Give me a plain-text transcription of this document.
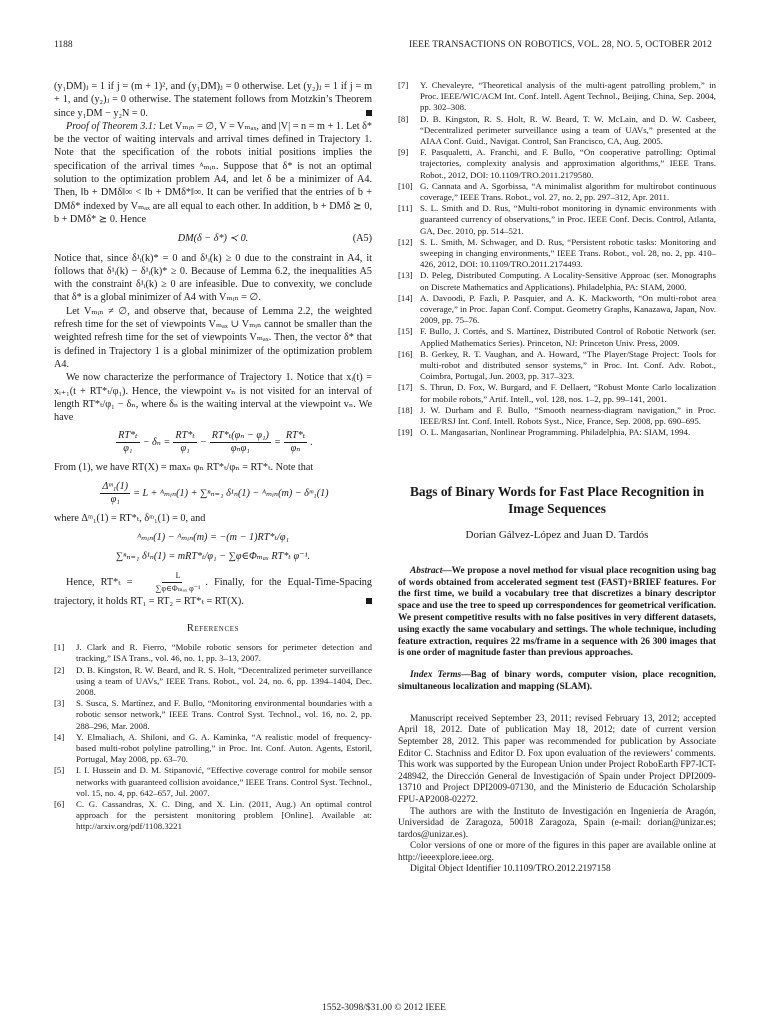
1188	IEEE TRANSACTIONS ON ROBOTICS, VOL. 28, NO. 5, OCTOBER 2012

(y₁DM)ⱼ = 1 if j = (m + 1)², and (y₁DM)ⱼ = 0 otherwise. Let (y₂)ⱼ = 1 if j = m + 1, and (y₂)ⱼ = 0 otherwise. The statement follows from Motzkin’s Theorem since y₁DM − y₂N = 0.

Proof of Theorem 3.1: Let Vₘᵢₙ = ∅, V = Vₘₐₓ, and |V| = n = m + 1. Let δ* be the vector of waiting intervals and arrival times defined in Trajectory 1. Note that the specification of the robots initial positions implies the specification of the arrival times ᴬₘᵢₙ. Suppose that δ* is not an optimal solution to the optimization problem A4, and let δ be a minimizer of A4. Then, ‖b + DMδ‖∞ < ‖b + DMδ*‖∞. It can be verified that the entries of b + DMδ* indexed by Vₘₐₓ are all equal to each other. In addition, b + DMδ ⪰ 0, b + DMδ* ⪰ 0. Hence

DM(δ − δ*) ≺ 0.	(A5)

Notice that, since δ¹ᵢ(k)* = 0 and δ¹ᵢ(k) ≥ 0 due to the constraint in A4, it follows that δ¹ᵢ(k) − δ¹ᵢ(k)* ≥ 0. Because of Lemma 6.2, the inequalities A5 with the constraint δ¹ᵢ(k) ≥ 0 are infeasible. Due to convexity, we conclude that δ* is a global minimizer of A4 with Vₘᵢₙ = ∅.

Let Vₘᵢₙ ≠ ∅, and observe that, because of Lemma 2.2, the weighted refresh time for the set of viewpoints Vₘₐₓ ∪ Vₘᵢₙ cannot be smaller than the weighted refresh time for the set of viewpoints Vₘₐₓ. Then, the vector δ* that is defined in Trajectory 1 is a global minimizer of the optimization problem A4.

We now characterize the performance of Trajectory 1. Notice that xᵢ(t) = xᵢ₊₁(t + RT*ₜ/φ₁). Hence, the viewpoint vₙ is not visited for an interval of length RT*ₜ/φ₁ − δₙ, where δₙ is the waiting interval at the viewpoint vₙ. We have

$\frac{\text{RT*ₜ}}{\text{φ₁}} - \delta_n = \frac{\text{RT*ₜ}}{\text{φ₁}} - \frac{\text{RT*ₜ(φₙ − φ₁)}}{\text{φₙφ₁}} = \frac{\text{RT*ₜ}}{\text{φₙ}}$ .

From (1), we have RT(X) = maxₙ φₙ RT*ₜ/φₙ = RT*ₜ. Note that

$\frac{\text{Δᵐ₁(1)}}{\text{φ₁}} = L$ + ᴬₘᵢₙ(1) + ∑ⁿₙ₌₁ δ¹ₙ(1) − ᴬₘᵢₙ(m) − δᵐ₁(1)

where Δᵐ₁(1) = RT*ₜ, δᵐ₁(1) = 0, and

ᴬₘᵢₙ(1) − ᴬₘᵢₙ(m) = −(m − 1)RT*ₜ/φ₁
∑ⁿₙ₌₁ δ¹ₙ(1) = mRT*ₜ/φ₁ − ∑φ∈Φₘₐₓ RT*ₜ φ⁻¹.

Hence, $RT*_t = \frac{L}{\text{∑φ∈Φₘₐₓ φ⁻¹}}$ . Finally, for the Equal-Time-Spacing trajectory, it holds RT₁ = RT₂ = RT*ₜ = RT(X).

References
[1]	J. Clark and R. Fierro, “Mobile robotic sensors for perimeter detection and tracking,” ISA Trans., vol. 46, no. 1, pp. 3–13, 2007.
[2]	D. B. Kingston, R. W. Beard, and R. S. Holt, “Decentralized perimeter surveillance using a team of UAVs,” IEEE Trans. Robot., vol. 24, no. 6, pp. 1394–1404, Dec. 2008.
[3]	S. Susca, S. Martínez, and F. Bullo, “Monitoring environmental boundaries with a robotic sensor network,” IEEE Trans. Control Syst. Technol., vol. 16, no. 2, pp. 288–296, Mar. 2008.
[4]	Y. Elmaliach, A. Shiloni, and G. A. Kaminka, “A realistic model of frequency-based multi-robot polyline patrolling,” in Proc. Int. Conf. Auton. Agents, Estoril, Portugal, May 2008, pp. 63–70.
[5]	I. I. Hussein and D. M. Stipanović, “Effective coverage control for mobile sensor networks with guaranteed collision avoidance,” IEEE Trans. Control Syst. Technol., vol. 15, no. 4, pp. 642–657, Jul. 2007.
[6]	C. G. Cassandras, X. C. Ding, and X. Lin. (2011, Aug.) An optimal control approach for the persistent monitoring problem [Online]. Available at: http://arxiv.org/pdf/1108.3221
[7]	Y. Chevaleyre, “Theoretical analysis of the multi-agent patrolling problem,” in Proc. IEEE/WIC/ACM Int. Conf. Intell. Agent Technol., Beijing, China, Sep. 2004, pp. 302–308.
[8]	D. B. Kingston, R. S. Holt, R. W. Beard, T. W. McLain, and D. W. Casbeer, “Decentralized perimeter surveillance using a team of UAVs,” presented at the AIAA Conf. Guid., Navigat. Control, San Francisco, CA, Aug. 2005.
[9]	F. Pasqualetti, A. Franchi, and F. Bullo, “On cooperative patrolling: Optimal trajectories, complexity analysis and approximation algorithms,” IEEE Trans. Robot., 2012, DOI: 10.1109/TRO.2011.2179580.
[10] G. Cannata and A. Sgorbissa, “A minimalist algorithm for multirobot continuous coverage,” IEEE Trans. Robot., vol. 27, no. 2, pp. 297–312, Apr. 2011.
[11] S. L. Smith and D. Rus, “Multi-robot monitoring in dynamic environments with guaranteed currency of observations,” in Proc. IEEE Conf. Decis. Control, Atlanta, GA, Dec. 2010, pp. 514–521.
[12] S. L. Smith, M. Schwager, and D. Rus, “Persistent robotic tasks: Monitoring and sweeping in changing environments,” IEEE Trans. Robot., vol. 28, no. 2, pp. 410–426, 2012, DOI: 10.1109/TRO.2011.2174493.
[13] D. Peleg, Distributed Computing. A Locality-Sensitive Approac (ser. Monographs on Discrete Mathematics and Applications). Philadelphia, PA: SIAM, 2000.
[14] A. Davoodi, P. Fazli, P. Pasquier, and A. K. Mackworth, “On multi-robot area coverage,” in Proc. Japan Conf. Comput. Geometry Graphs, Kanazawa, Japan, Nov. 2009, pp. 75–76.
[15] F. Bullo, J. Cortés, and S. Martínez, Distributed Control of Robotic Network (ser. Applied Mathematics Series). Princeton, NJ: Princeton Univ. Press, 2009.
[16] B. Gerkey, R. T. Vaughan, and A. Howard, “The Player/Stage Project: Tools for multi-robot and distributed sensor systems,” in Proc. Int. Conf. Adv. Robot., Coimbra, Portugal, Jun. 2003, pp. 317–323.
[17] S. Thrun, D. Fox, W. Burgard, and F. Dellaert, “Robust Monte Carlo localization for mobile robots,” Artif. Intell., vol. 128, nos. 1–2, pp. 99–141, 2001.
[18] J. W. Durham and F. Bullo, “Smooth nearness-diagram navigation,” in Proc. IEEE/RSJ Int. Conf. Intell. Robots Syst., Nice, France, Sep. 2008, pp. 690–695.
[19] O. L. Mangasarian, Nonlinear Programming. Philadelphia, PA: SIAM, 1994.
Bags of Binary Words for Fast Place Recognition in Image Sequences
Dorian Gálvez-López and Juan D. Tardós
Abstract—We propose a novel method for visual place recognition using bag of words obtained from accelerated segment test (FAST)+BRIEF features. For the first time, we build a vocabulary tree that discretizes a binary descriptor space and use the tree to speed up correspondences for geometrical verification. We present competitive results with no false positives in very different datasets, using exactly the same vocabulary and settings. The whole technique, including feature extraction, requires 22 ms/frame in a sequence with 26 300 images that is one order of magnitude faster than previous approaches.
Index Terms—Bag of binary words, computer vision, place recognition, simultaneous localization and mapping (SLAM).

Manuscript received September 23, 2011; revised February 13, 2012; accepted April 18, 2012. Date of publication May 18, 2012; date of current version September 28, 2012. This paper was recommended for publication by Associate Editor C. Stachniss and Editor D. Fox upon evaluation of the reviewers’ comments. This work was supported by the European Union under Project RoboEarth FP7-ICT-248942, the Dirección General de Investigación of Spain under Project DPI2009-13710 and Project DPI2009-07130, and the Ministerio de Educación Scholarship FPU-AP2008-02272.

The authors are with the Instituto de Investigación en Ingeniería de Aragón, Universidad de Zaragoza, 50018 Zaragoza, Spain (e-mail: dorian@unizar.es; tardos@unizar.es).

Color versions of one or more of the figures in this paper are available online at http://ieeexplore.ieee.org.

Digital Object Identifier 10.1109/TRO.2012.2197158

1552-3098/$31.00 © 2012 IEEE
